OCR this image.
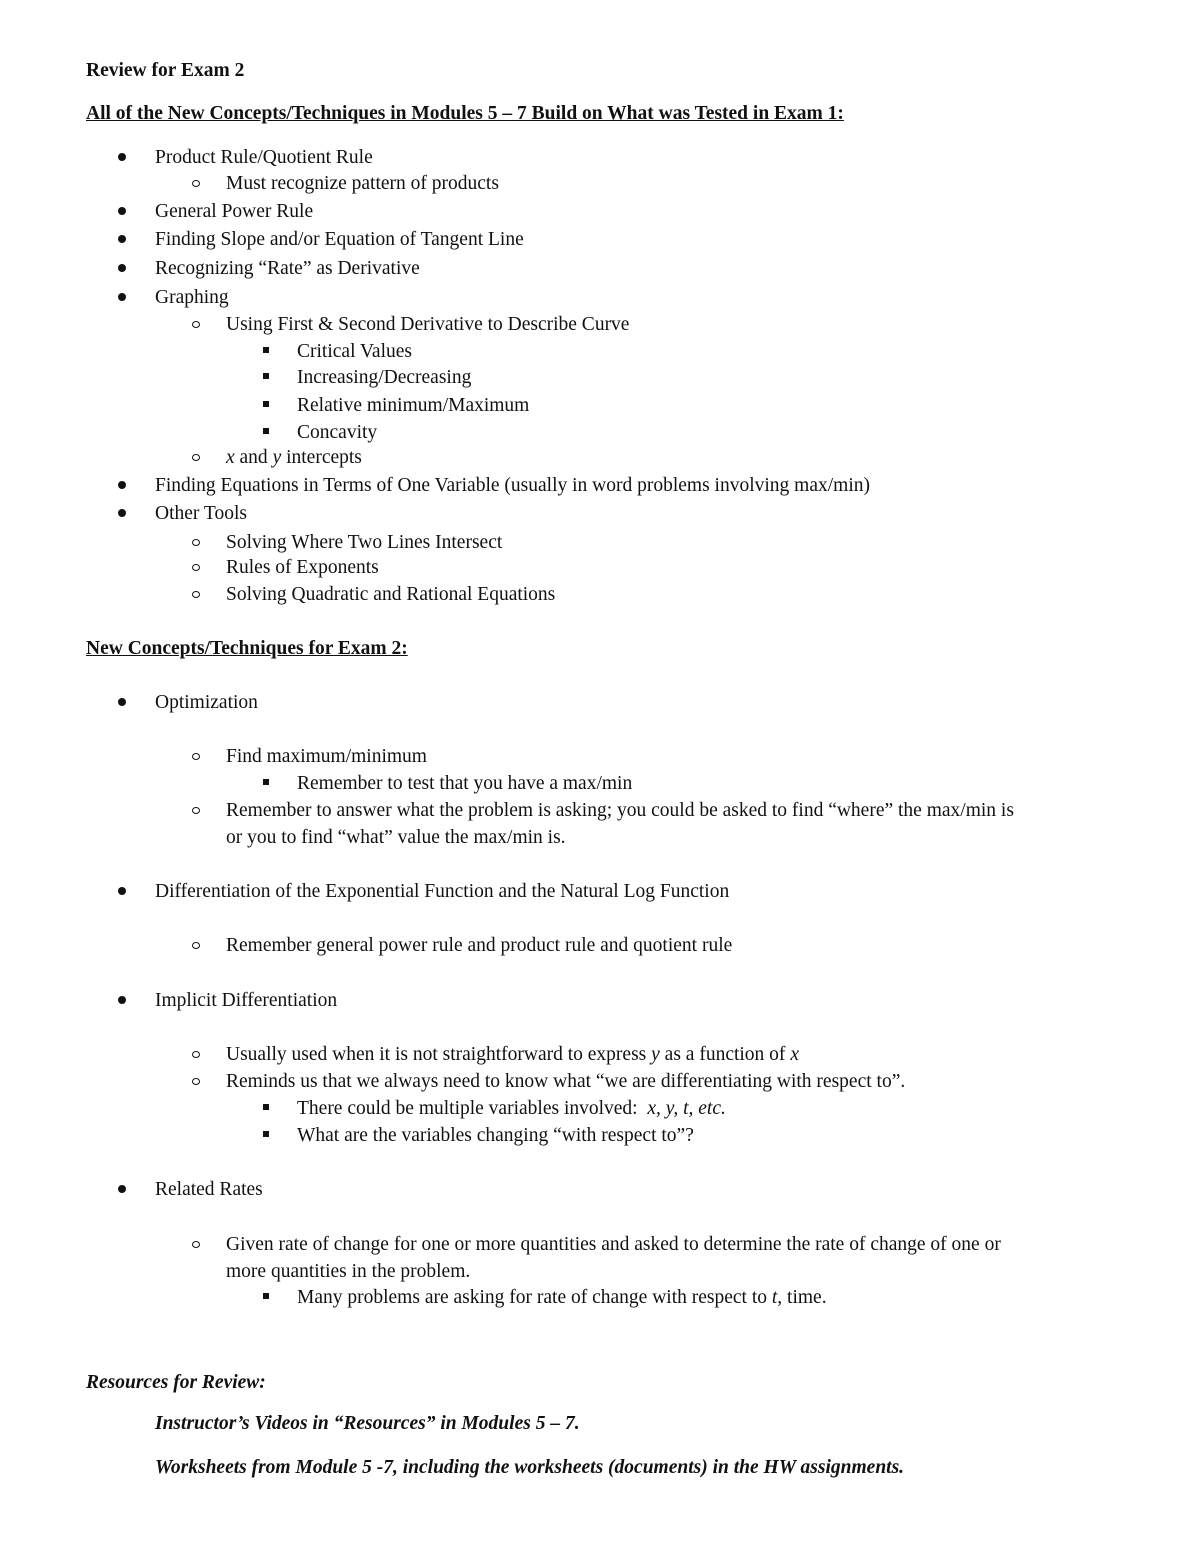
Review for Exam 2
All of the New Concepts/Techniques in Modules 5 – 7 Build on What was Tested in Exam 1:
Product Rule/Quotient Rule
Must recognize pattern of products
General Power Rule
Finding Slope and/or Equation of Tangent Line
Recognizing “Rate” as Derivative
Graphing
Using First & Second Derivative to Describe Curve
Critical Values
Increasing/Decreasing
Relative minimum/Maximum
Concavity
x and y intercepts
Finding Equations in Terms of One Variable (usually in word problems involving max/min)
Other Tools
Solving Where Two Lines Intersect
Rules of Exponents
Solving Quadratic and Rational Equations
New Concepts/Techniques for Exam 2:
Optimization
Find maximum/minimum
Remember to test that you have a max/min
Remember to answer what the problem is asking; you could be asked to find “where” the max/min is
or you to find “what” value the max/min is.
Differentiation of the Exponential Function and the Natural Log Function
Remember general power rule and product rule and quotient rule
Implicit Differentiation
Usually used when it is not straightforward to express y as a function of x
Reminds us that we always need to know what “we are differentiating with respect to”.
There could be multiple variables involved:  x, y, t, etc.
What are the variables changing “with respect to”?
Related Rates
Given rate of change for one or more quantities and asked to determine the rate of change of one or
more quantities in the problem.
Many problems are asking for rate of change with respect to t, time.
Resources for Review:
Instructor’s Videos in “Resources” in Modules 5 – 7.
Worksheets from Module 5 -7, including the worksheets (documents) in the HW assignments.
